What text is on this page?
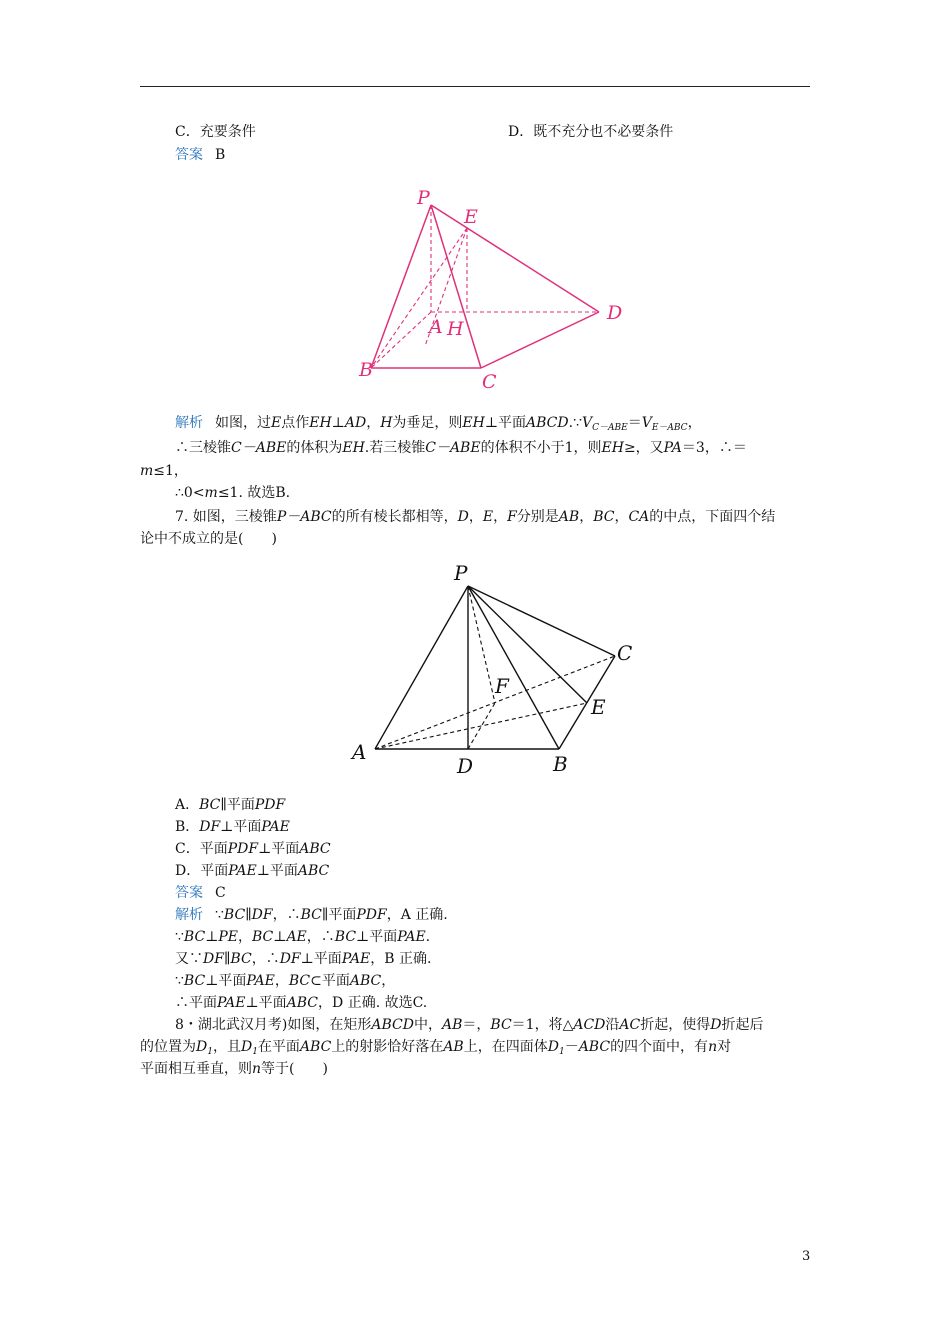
C．充要条件	D．既不充分也不必要条件
答案 B
P
E
D
A H
B
C
解析 如图，过E点作EH⊥AD，H为垂足，则EH⊥平面$ABCD.\because V_{C-ABE}=V_{E-ABC}$，
∴三棱锥C－ABE的体积为EH.若三棱锥C－ABE的体积不小于1，则EH≥，又PA＝3，∴＝
m≤1，
∴0<m≤1. 故选B.
7. 如图，三棱锥P－ABC的所有棱长都相等，D，E，F分别是AB，BC，CA的中点，下面四个结
论中不成立的是(　　)
P
C
F
E
A
D	B
A．BC∥平面PDF
B．DF⊥平面PAE
C．平面PDF⊥平面ABC
D．平面PAE⊥平面ABC
答案 C
解析 ∵BC∥DF，∴BC∥平面PDF，A 正确.
∵BC⊥PE，BC⊥AE，∴BC⊥平面PAE.
又∵DF∥BC，∴DF⊥平面PAE，B 正确.
∵BC⊥平面PAE，BC⊂平面ABC，
∴平面PAE⊥平面ABC，D 正确. 故选C.
8・湖北武汉月考)如图，在矩形ABCD中，AB＝，BC＝1，将△ACD沿AC折起，使得D折起后
的位置为$D_1$，且$D_1$在平面ABC上的射影恰好落在AB上，在四面体$D_1-ABC$的四个面中，有n对
平面相互垂直，则n等于(　　)
3
